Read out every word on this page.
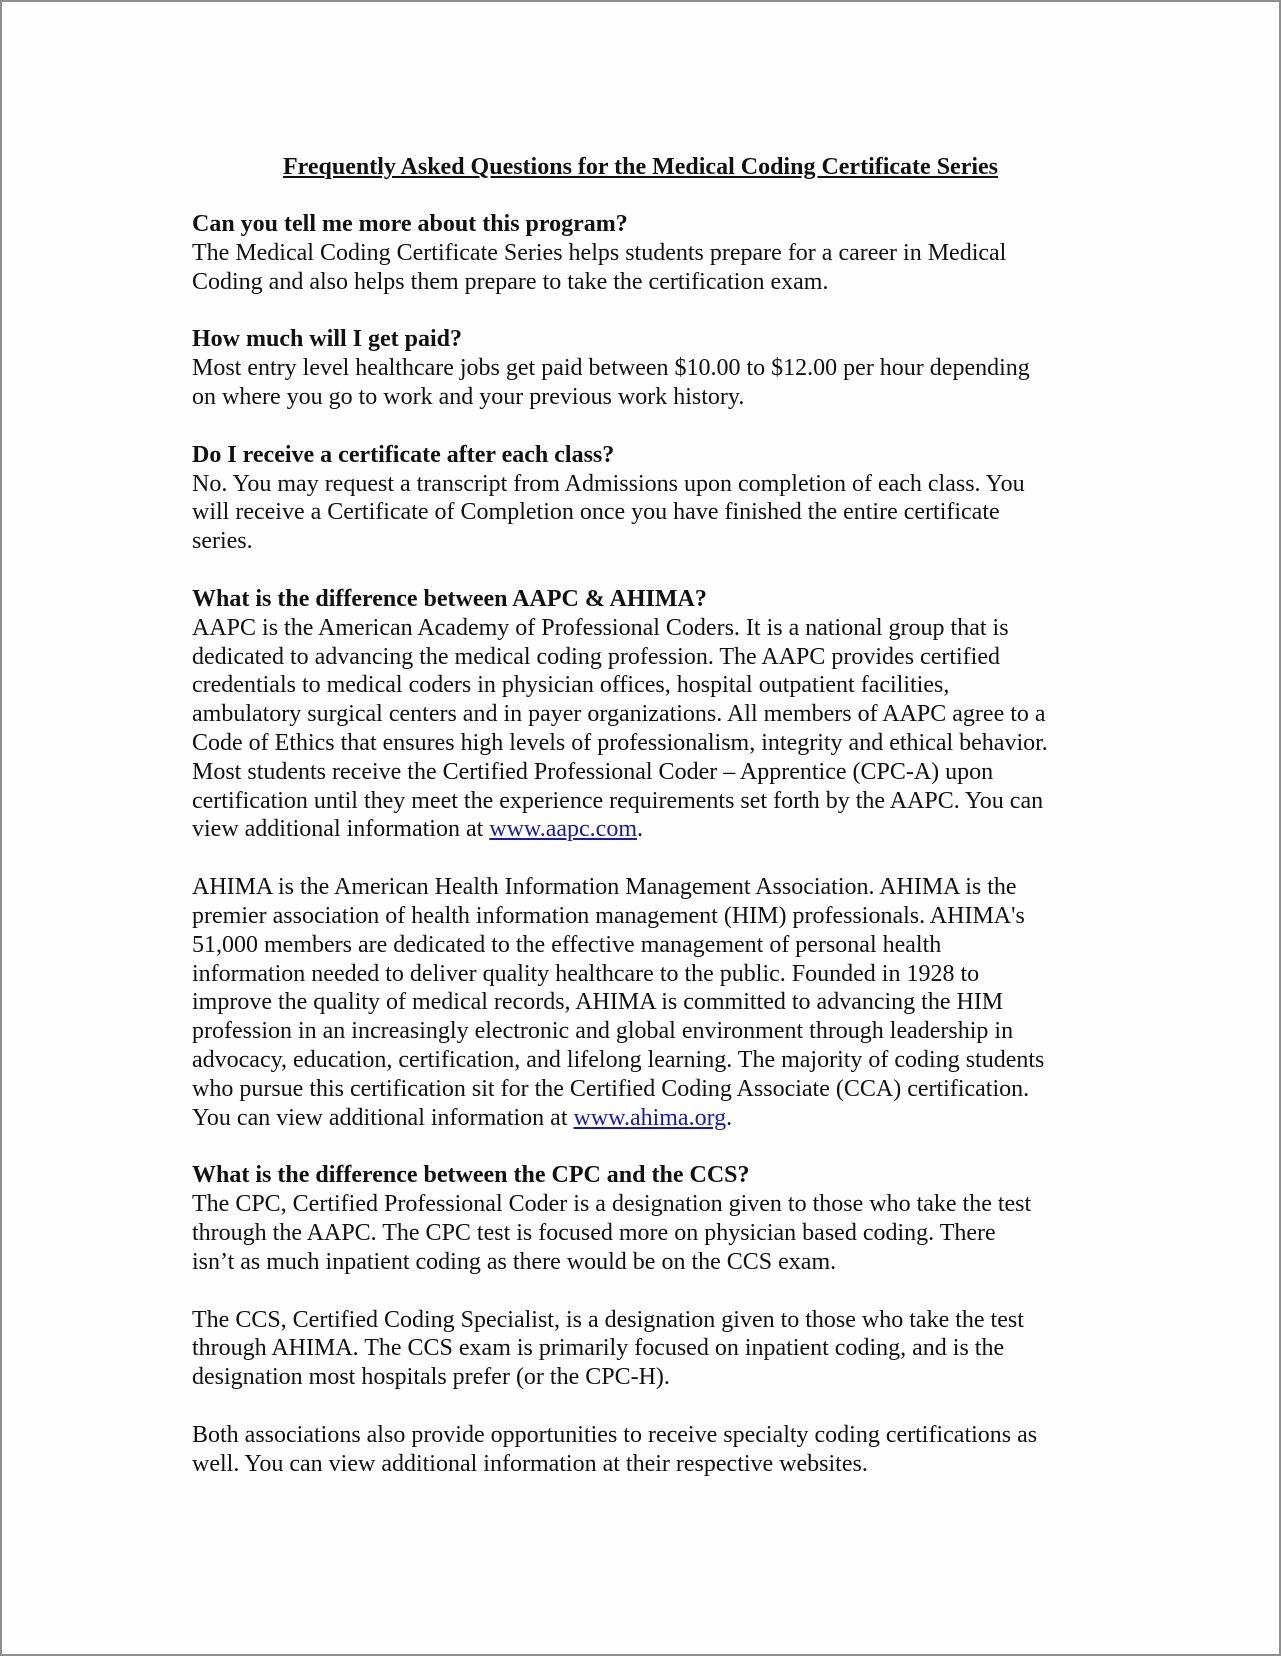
Frequently Asked Questions for the Medical Coding Certificate Series
Can you tell me more about this program?
The Medical Coding Certificate Series helps students prepare for a career in Medical
Coding and also helps them prepare to take the certification exam.
How much will I get paid?
Most entry level healthcare jobs get paid between $10.00 to $12.00 per hour depending
on where you go to work and your previous work history.
Do I receive a certificate after each class?
No. You may request a transcript from Admissions upon completion of each class. You
will receive a Certificate of Completion once you have finished the entire certificate
series.
What is the difference between AAPC & AHIMA?
AAPC is the American Academy of Professional Coders. It is a national group that is
dedicated to advancing the medical coding profession. The AAPC provides certified
credentials to medical coders in physician offices, hospital outpatient facilities,
ambulatory surgical centers and in payer organizations. All members of AAPC agree to a
Code of Ethics that ensures high levels of professionalism, integrity and ethical behavior.
Most students receive the Certified Professional Coder – Apprentice (CPC-A) upon
certification until they meet the experience requirements set forth by the AAPC. You can
view additional information at www.aapc.com.
AHIMA is the American Health Information Management Association. AHIMA is the
premier association of health information management (HIM) professionals. AHIMA's
51,000 members are dedicated to the effective management of personal health
information needed to deliver quality healthcare to the public. Founded in 1928 to
improve the quality of medical records, AHIMA is committed to advancing the HIM
profession in an increasingly electronic and global environment through leadership in
advocacy, education, certification, and lifelong learning. The majority of coding students
who pursue this certification sit for the Certified Coding Associate (CCA) certification.
You can view additional information at www.ahima.org.
What is the difference between the CPC and the CCS?
The CPC, Certified Professional Coder is a designation given to those who take the test
through the AAPC. The CPC test is focused more on physician based coding. There
isn’t as much inpatient coding as there would be on the CCS exam.
The CCS, Certified Coding Specialist, is a designation given to those who take the test
through AHIMA. The CCS exam is primarily focused on inpatient coding, and is the
designation most hospitals prefer (or the CPC-H).
Both associations also provide opportunities to receive specialty coding certifications as
well. You can view additional information at their respective websites.
